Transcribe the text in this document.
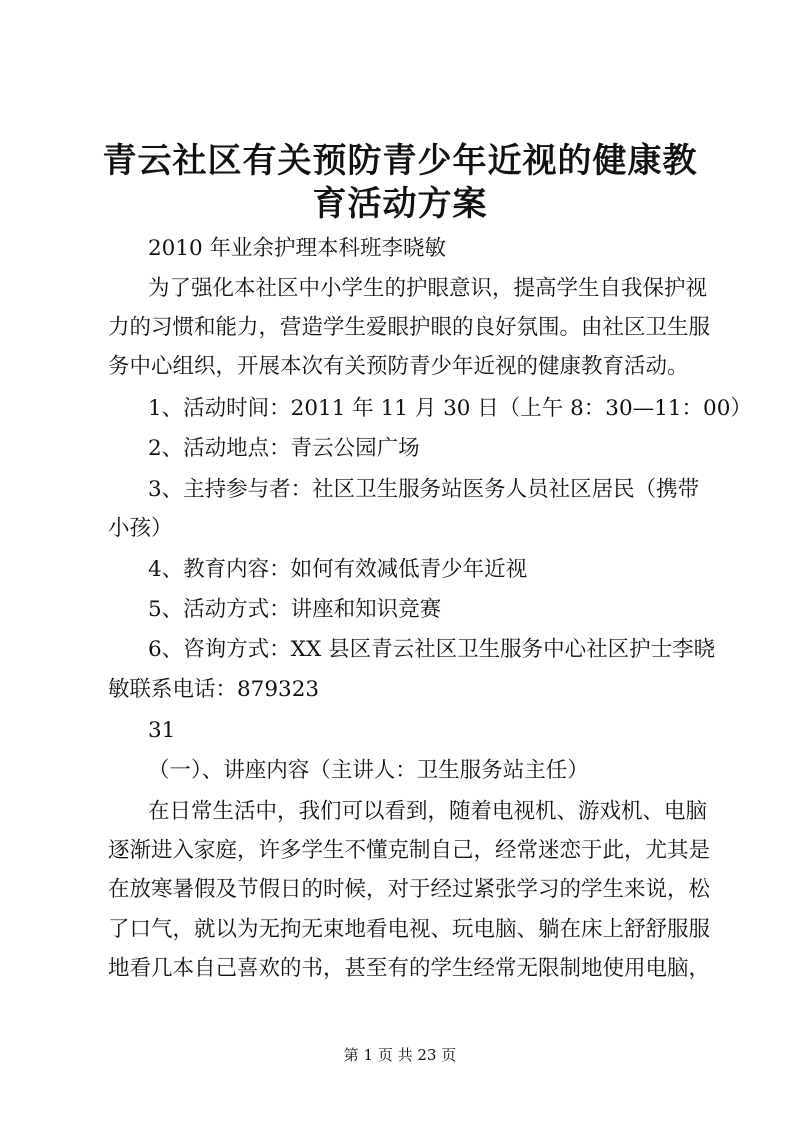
青云社区有关预防青少年近视的健康教育活动方案

2010 年业余护理本科班李晓敏

为了强化本社区中小学生的护眼意识，提高学生自我保护视

力的习惯和能力，营造学生爱眼护眼的良好氛围。由社区卫生服

务中心组织，开展本次有关预防青少年近视的健康教育活动。

1、活动时间：2011 年 11 月 30 日（上午 8：30—11：00）

2、活动地点：青云公园广场

3、主持参与者：社区卫生服务站医务人员社区居民（携带

小孩）

4、教育内容：如何有效减低青少年近视

5、活动方式：讲座和知识竞赛

6、咨询方式：XX 县区青云社区卫生服务中心社区护士李晓

敏联系电话：879323

31

（一）、讲座内容（主讲人：卫生服务站主任）

在日常生活中，我们可以看到，随着电视机、游戏机、电脑

逐渐进入家庭，许多学生不懂克制自己，经常迷恋于此，尤其是

在放寒暑假及节假日的时候，对于经过紧张学习的学生来说，松

了口气，就以为无拘无束地看电视、玩电脑、躺在床上舒舒服服

地看几本自己喜欢的书，甚至有的学生经常无限制地使用电脑，

第 1 页 共 23 页
